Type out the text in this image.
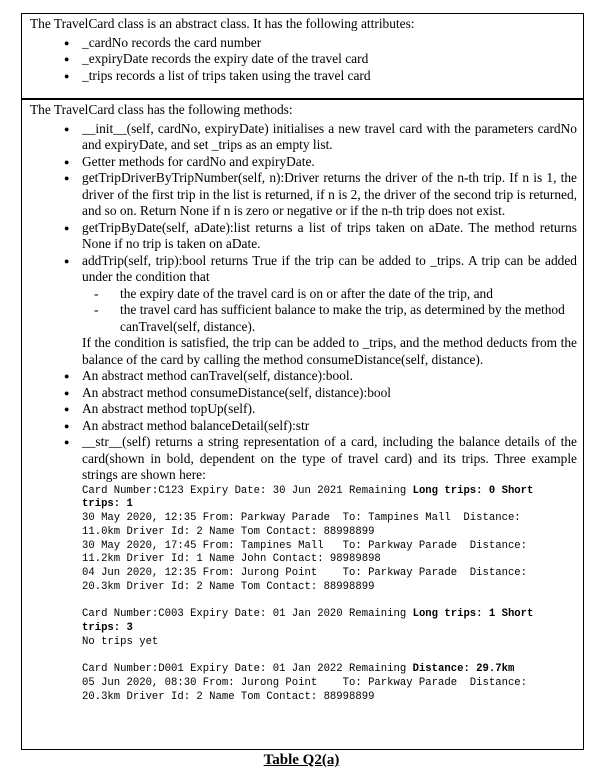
The TravelCard class is an abstract class. It has the following attributes:

● _cardNo records the card number
● _expiryDate records the expiry date of the travel card
● _trips records a list of trips taken using the travel card

The TravelCard class has the following methods:

● __init__(self, cardNo, expiryDate) initialises a new travel card with the parameters cardNo and expiryDate, and set _trips as an empty list.
● Getter methods for cardNo and expiryDate.
● getTripDriverByTripNumber(self, n):Driver returns the driver of the n-th trip. If n is 1, the driver of the first trip in the list is returned, if n is 2, the driver of the second trip is returned, and so on. Return None if n is zero or negative or if the n-th trip does not exist.
● getTripByDate(self, aDate):list returns a list of trips taken on aDate. The method returns None if no trip is taken on aDate.
● addTrip(self, trip):bool returns True if the trip can be added to _trips. A trip can be added under the condition that
- the expiry date of the travel card is on or after the date of the trip, and
- the travel card has sufficient balance to make the trip, as determined by the method canTravel(self, distance).
If the condition is satisfied, the trip can be added to _trips, and the method deducts from the balance of the card by calling the method consumeDistance(self, distance).
● An abstract method canTravel(self, distance):bool.
● An abstract method consumeDistance(self, distance):bool
● An abstract method topUp(self).
● An abstract method balanceDetail(self):str
● __str__(self) returns a string representation of a card, including the balance details of the card(shown in bold, dependent on the type of travel card) and its trips. Three example strings are shown here:
Card Number:C123 Expiry Date: 30 Jun 2021 Remaining Long trips: 0 Short
trips: 1
30 May 2020, 12:35 From: Parkway Parade  To: Tampines Mall  Distance:
11.0km Driver Id: 2 Name Tom Contact: 88998899
30 May 2020, 17:45 From: Tampines Mall   To: Parkway Parade  Distance:
11.2km Driver Id: 1 Name John Contact: 98989898
04 Jun 2020, 12:35 From: Jurong Point    To: Parkway Parade  Distance:
20.3km Driver Id: 2 Name Tom Contact: 88998899
Card Number:C003 Expiry Date: 01 Jan 2020 Remaining Long trips: 1 Short
trips: 3
No trips yet
Card Number:D001 Expiry Date: 01 Jan 2022 Remaining Distance: 29.7km
05 Jun 2020, 08:30 From: Jurong Point    To: Parkway Parade  Distance:
20.3km Driver Id: 2 Name Tom Contact: 88998899
Table Q2(a)
